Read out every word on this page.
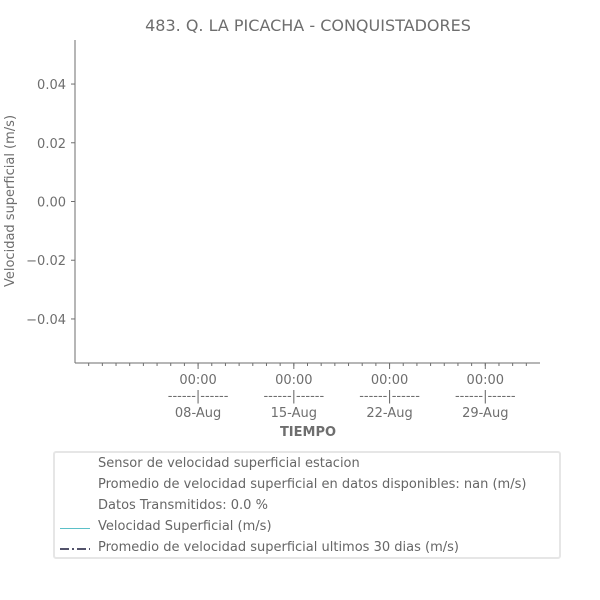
483. Q. LA PICACHA - CONQUISTADORES
Velocidad superficial (m/s)
TIEMPO
0.04
0.02
0.00
−0.02
−0.04
00:00
------|------
08-Aug
00:00
------|------
15-Aug
00:00
------|------
22-Aug
00:00
------|------
29-Aug
Sensor de velocidad superficial estacion
Promedio de velocidad superficial en datos disponibles: nan (m/s)
Datos Transmitidos: 0.0 %
Velocidad Superficial (m/s)
Promedio de velocidad superficial ultimos 30 dias (m/s)
